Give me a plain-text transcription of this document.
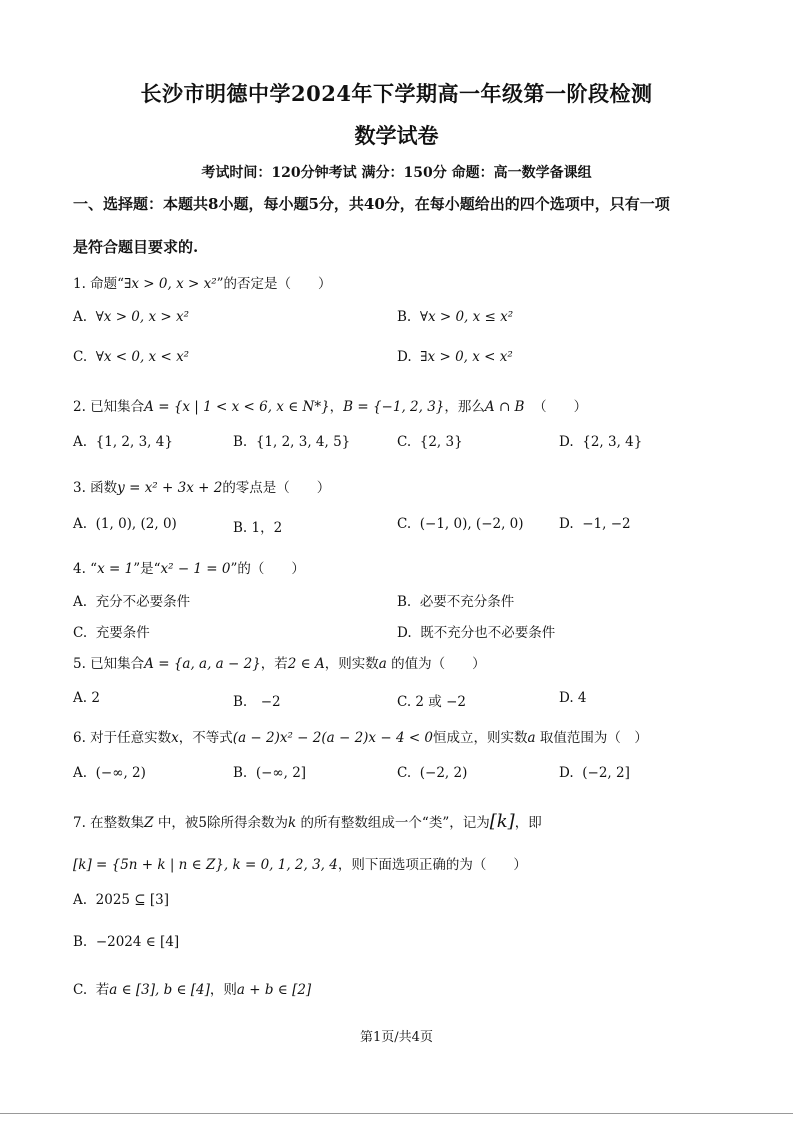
长沙市明德中学2024年下学期高一年级第一阶段检测
数学试卷
考试时间：120分钟考试 满分：150分 命题：高一数学备课组
一、选择题：本题共8小题，每小题5分，共40分，在每小题给出的四个选项中，只有一项
是符合题目要求的.
1. 命题“∃x > 0, x > x²”的否定是（　　）
A. ∀x > 0, x > x²	B. ∀x > 0, x ≤ x²
C. ∀x < 0, x < x²	D. ∃x > 0, x < x²
2. 已知集合A = {x | 1 < x < 6, x ∈ N*}，B = {−1, 2, 3}，那么A ∩ B （　　）
A. {1, 2, 3, 4}	B. {1, 2, 3, 4, 5}	C. {2, 3}	D. {2, 3, 4}
3. 函数y = x² + 3x + 2的零点是（　　）
A. (1, 0), (2, 0)	B. 1，2	C. (−1, 0), (−2, 0)	D. −1, −2
4. “x = 1”是“x² − 1 = 0”的（　　）
A. 充分不必要条件	B. 必要不充分条件
C. 充要条件	D. 既不充分也不必要条件
5. 已知集合A = {a, a, a − 2}，若2 ∈ A，则实数a 的值为（　　）
A. 2	B.　−2	C. 2 或 −2	D. 4
6. 对于任意实数x，不等式(a − 2)x² − 2(a − 2)x − 4 < 0恒成立，则实数a 取值范围为（　）
A. (−∞, 2)	B. (−∞, 2]	C. (−2, 2)	D. (−2, 2]
7. 在整数集Z 中，被5除所得余数为k 的所有整数组成一个“类”，记为[k]，即
[k] = {5n + k | n ∈ Z}, k = 0, 1, 2, 3, 4，则下面选项正确的为（　　）
A. 2025 ⊆ [3]
B. −2024 ∈ [4]
C. 若a ∈ [3], b ∈ [4]，则a + b ∈ [2]
第1页/共4页
